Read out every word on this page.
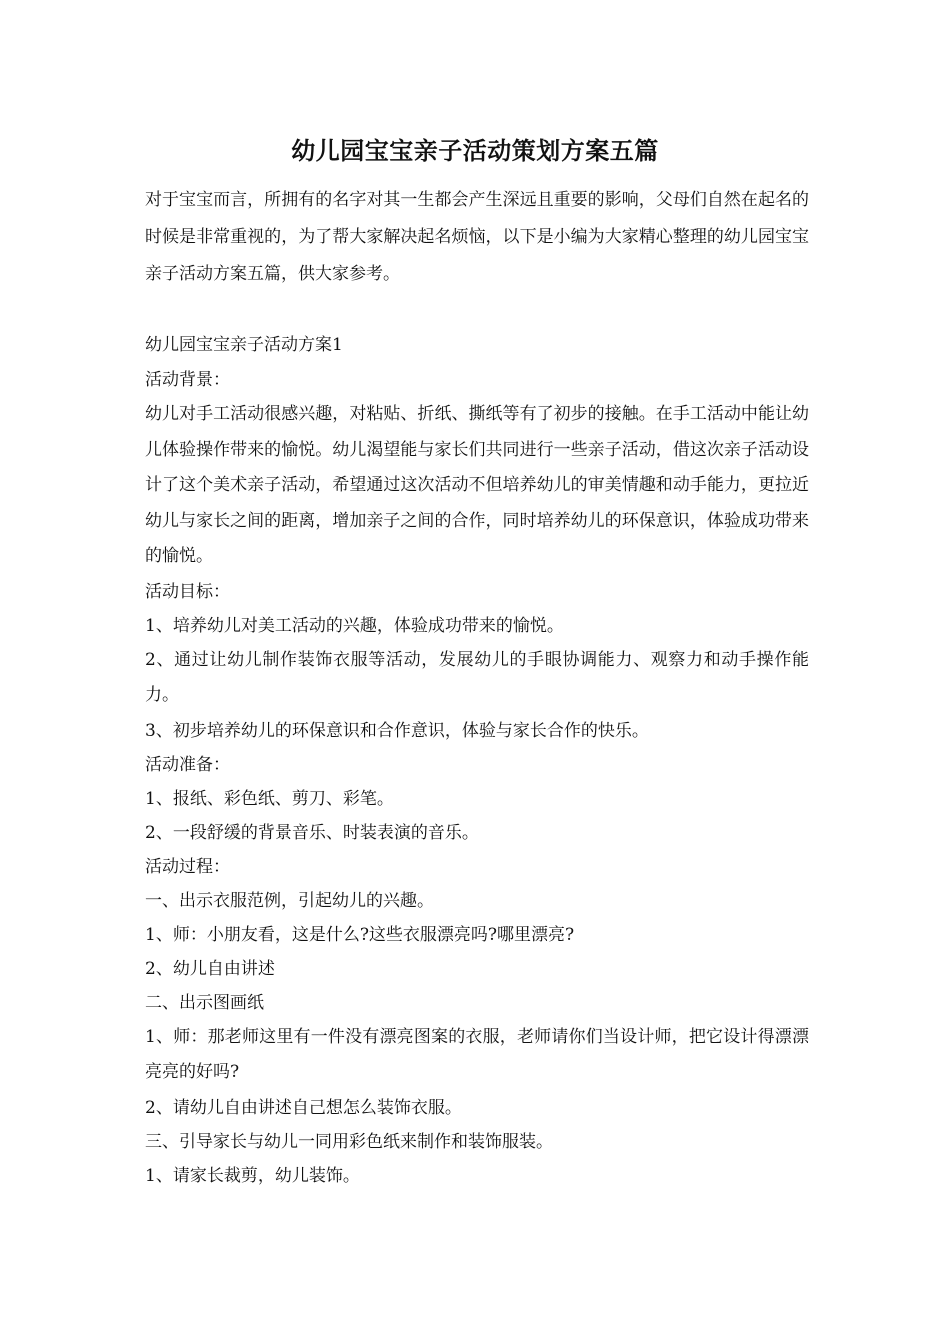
幼儿园宝宝亲子活动策划方案五篇

对于宝宝而言，所拥有的名字对其一生都会产生深远且重要的影响，父母们自然在起名的时候是非常重视的，为了帮大家解决起名烦恼，以下是小编为大家精心整理的幼儿园宝宝亲子活动方案五篇，供大家参考。

幼儿园宝宝亲子活动方案1

活动背景：

幼儿对手工活动很感兴趣，对粘贴、折纸、撕纸等有了初步的接触。在手工活动中能让幼儿体验操作带来的愉悦。幼儿渴望能与家长们共同进行一些亲子活动，借这次亲子活动设计了这个美术亲子活动，希望通过这次活动不但培养幼儿的审美情趣和动手能力，更拉近幼儿与家长之间的距离，增加亲子之间的合作，同时培养幼儿的环保意识，体验成功带来的愉悦。

活动目标：

1、培养幼儿对美工活动的兴趣，体验成功带来的愉悦。

2、通过让幼儿制作装饰衣服等活动，发展幼儿的手眼协调能力、观察力和动手操作能力。

3、初步培养幼儿的环保意识和合作意识，体验与家长合作的快乐。

活动准备：

1、报纸、彩色纸、剪刀、彩笔。

2、一段舒缓的背景音乐、时装表演的音乐。

活动过程：

一、出示衣服范例，引起幼儿的兴趣。

1、师：小朋友看，这是什么?这些衣服漂亮吗?哪里漂亮?

2、幼儿自由讲述

二、出示图画纸

1、师：那老师这里有一件没有漂亮图案的衣服，老师请你们当设计师，把它设计得漂漂亮亮的好吗?

2、请幼儿自由讲述自己想怎么装饰衣服。

三、引导家长与幼儿一同用彩色纸来制作和装饰服装。

1、请家长裁剪，幼儿装饰。
